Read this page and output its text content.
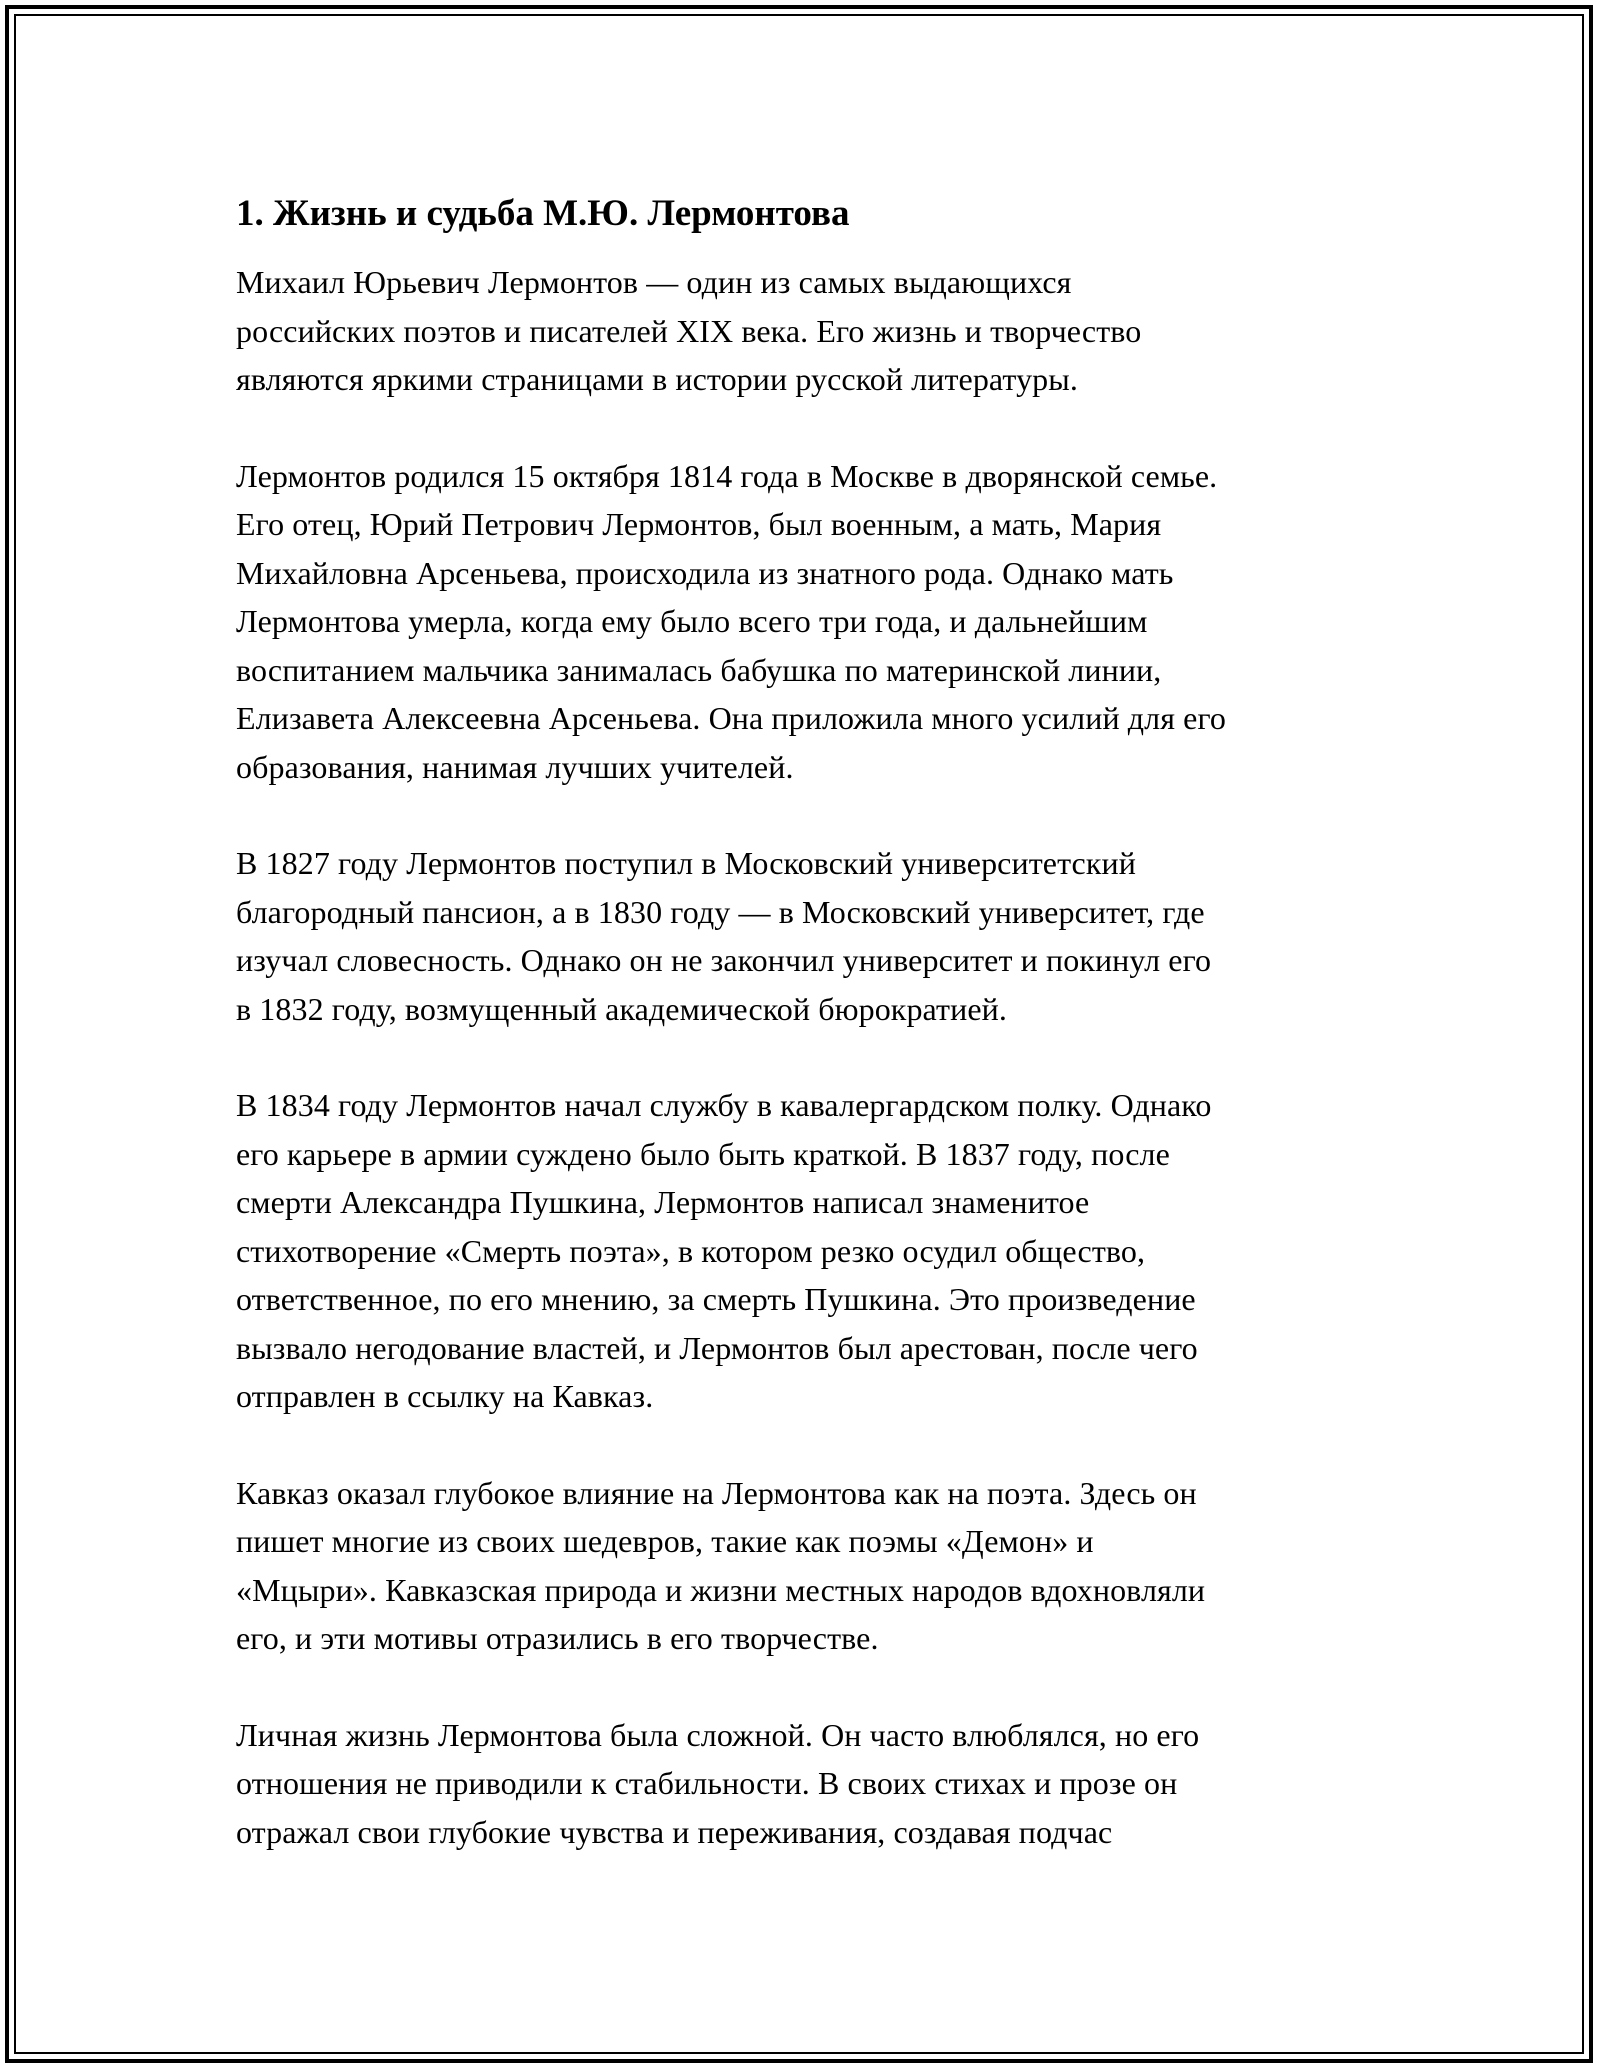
1. Жизнь и судьба М.Ю. Лермонтова

Михаил Юрьевич Лермонтов — один из самых выдающихся
российских поэтов и писателей XIX века. Его жизнь и творчество
являются яркими страницами в истории русской литературы.

Лермонтов родился 15 октября 1814 года в Москве в дворянской семье.
Его отец, Юрий Петрович Лермонтов, был военным, а мать, Мария
Михайловна Арсеньева, происходила из знатного рода. Однако мать
Лермонтова умерла, когда ему было всего три года, и дальнейшим
воспитанием мальчика занималась бабушка по материнской линии,
Елизавета Алексеевна Арсеньева. Она приложила много усилий для его
образования, нанимая лучших учителей.

В 1827 году Лермонтов поступил в Московский университетский
благородный пансион, а в 1830 году — в Московский университет, где
изучал словесность. Однако он не закончил университет и покинул его
в 1832 году, возмущенный академической бюрократией.

В 1834 году Лермонтов начал службу в кавалергардском полку. Однако
его карьере в армии суждено было быть краткой. В 1837 году, после
смерти Александра Пушкина, Лермонтов написал знаменитое
стихотворение «Смерть поэта», в котором резко осудил общество,
ответственное, по его мнению, за смерть Пушкина. Это произведение
вызвало негодование властей, и Лермонтов был арестован, после чего
отправлен в ссылку на Кавказ.

Кавказ оказал глубокое влияние на Лермонтова как на поэта. Здесь он
пишет многие из своих шедевров, такие как поэмы «Демон» и
«Мцыри». Кавказская природа и жизни местных народов вдохновляли
его, и эти мотивы отразились в его творчестве.

Личная жизнь Лермонтова была сложной. Он часто влюблялся, но его
отношения не приводили к стабильности. В своих стихах и прозе он
отражал свои глубокие чувства и переживания, создавая подчас
